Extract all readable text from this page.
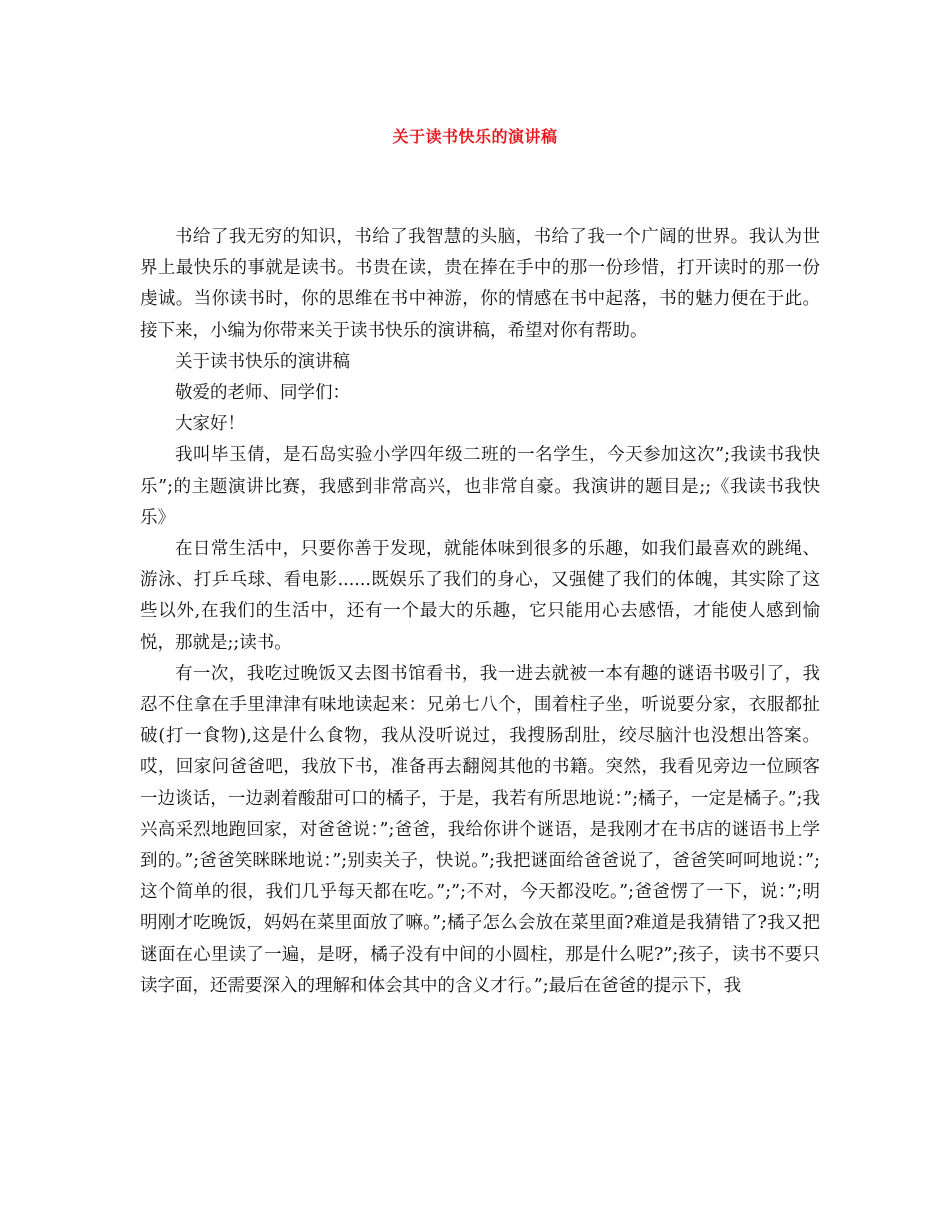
关于读书快乐的演讲稿

书给了我无穷的知识，书给了我智慧的头脑，书给了我一个广阔的世界。我认为世界上最快乐的事就是读书。书贵在读，贵在捧在手中的那一份珍惜，打开读时的那一份虔诚。当你读书时，你的思维在书中神游，你的情感在书中起落，书的魅力便在于此。接下来，小编为你带来关于读书快乐的演讲稿，希望对你有帮助。

关于读书快乐的演讲稿

敬爱的老师、同学们：

大家好！

我叫毕玉倩，是石岛实验小学四年级二班的一名学生，今天参加这次”;我读书我快乐”;的主题演讲比赛，我感到非常高兴，也非常自豪。我演讲的题目是;;《我读书我快乐》

在日常生活中，只要你善于发现，就能体味到很多的乐趣，如我们最喜欢的跳绳、游泳、打乒乓球、看电影......既娱乐了我们的身心，又强健了我们的体魄，其实除了这些以外,在我们的生活中，还有一个最大的乐趣，它只能用心去感悟，才能使人感到愉悦，那就是;;读书。

有一次，我吃过晚饭又去图书馆看书，我一进去就被一本有趣的谜语书吸引了，我忍不住拿在手里津津有味地读起来：兄弟七八个，围着柱子坐，听说要分家，衣服都扯破(打一食物),这是什么食物，我从没听说过，我搜肠刮肚，绞尽脑汁也没想出答案。哎，回家问爸爸吧，我放下书，准备再去翻阅其他的书籍。突然，我看见旁边一位顾客一边谈话，一边剥着酸甜可口的橘子，于是，我若有所思地说：”;橘子，一定是橘子。”;我兴高采烈地跑回家，对爸爸说：”;爸爸，我给你讲个谜语，是我刚才在书店的谜语书上学到的。”;爸爸笑眯眯地说：”;别卖关子，快说。”;我把谜面给爸爸说了，爸爸笑呵呵地说：”;这个简单的很，我们几乎每天都在吃。”;”;不对，今天都没吃。”;爸爸愣了一下，说：”;明明刚才吃晚饭，妈妈在菜里面放了嘛。”;橘子怎么会放在菜里面?难道是我猜错了?我又把谜面在心里读了一遍，是呀，橘子没有中间的小圆柱，那是什么呢?”;孩子，读书不要只读字面，还需要深入的理解和体会其中的含义才行。”;最后在爸爸的提示下，我
